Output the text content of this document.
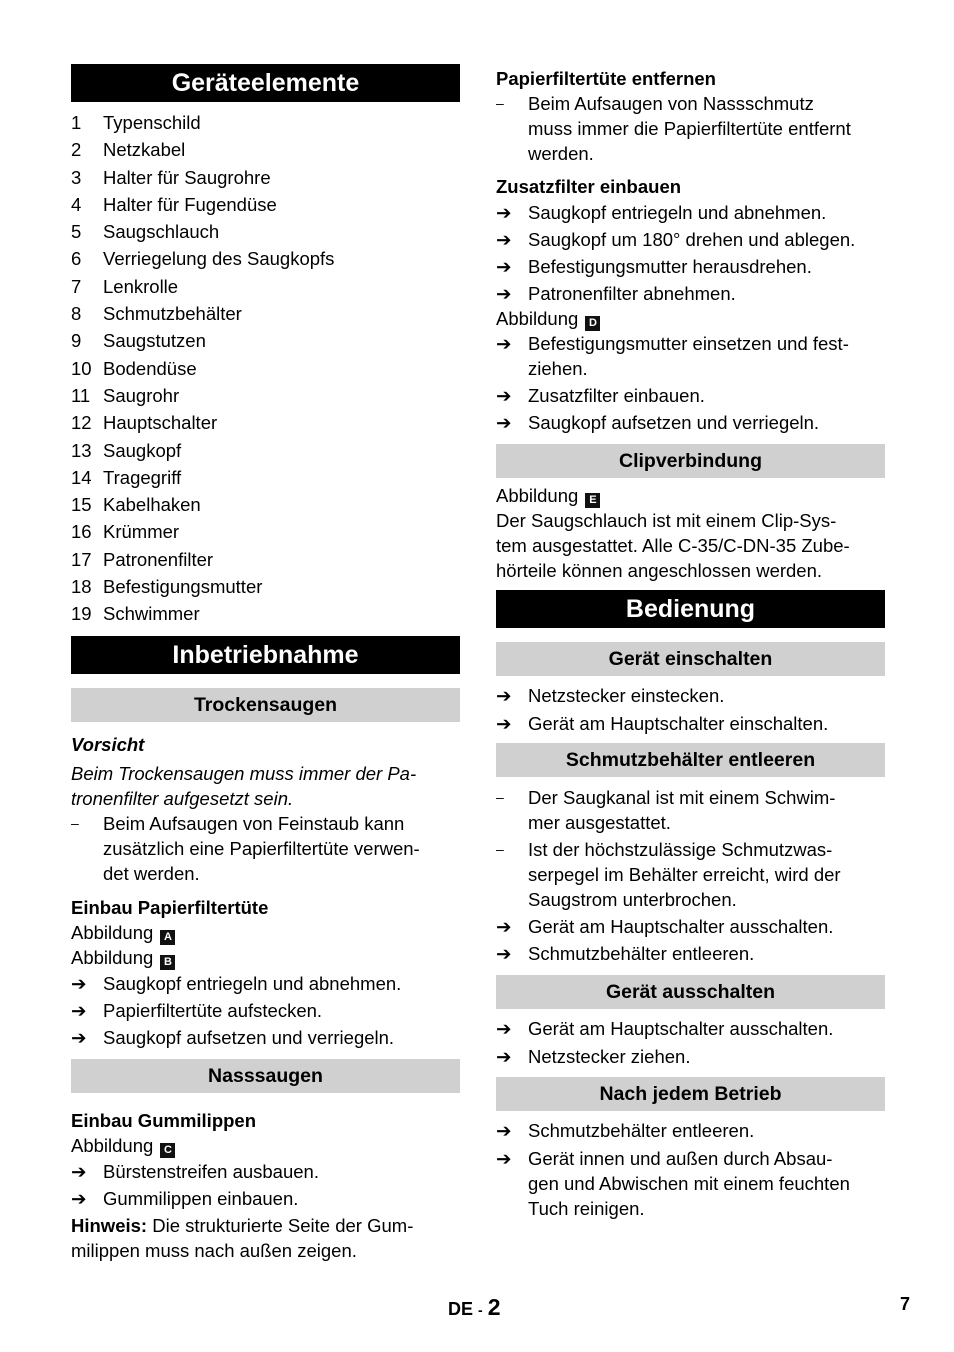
Geräteelemente
1	Typenschild
2	Netzkabel
3	Halter für Saugrohre
4	Halter für Fugendüse
5	Saugschlauch
6	Verriegelung des Saugkopfs
7	Lenkrolle
8	Schmutzbehälter
9	Saugstutzen
10 Bodendüse
11 Saugrohr
12 Hauptschalter
13 Saugkopf
14 Tragegriff
15 Kabelhaken
16 Krümmer
17 Patronenfilter
18 Befestigungsmutter
19 Schwimmer
Inbetriebnahme
Trockensaugen
Vorsicht
Beim Trockensaugen muss immer der Pa-
tronenfilter aufgesetzt sein.
–	Beim Aufsaugen von Feinstaub kann
zusätzlich eine Papierfiltertüte verwen-
det werden.
Einbau Papierfiltertüte
Abbildung A
Abbildung B
➔ Saugkopf entriegeln und abnehmen.
➔ Papierfiltertüte aufstecken.
➔ Saugkopf aufsetzen und verriegeln.
Nasssaugen
Einbau Gummilippen
Abbildung C
➔ Bürstenstreifen ausbauen.
➔ Gummilippen einbauen.
Hinweis: Die strukturierte Seite der Gum-
milippen muss nach außen zeigen.
Papierfiltertüte entfernen
–	Beim Aufsaugen von Nassschmutz
muss immer die Papierfiltertüte entfernt
werden.
Zusatzfilter einbauen
➔ Saugkopf entriegeln und abnehmen.
➔ Saugkopf um 180° drehen und ablegen.
➔ Befestigungsmutter herausdrehen.
➔ Patronenfilter abnehmen.
Abbildung D
➔ Befestigungsmutter einsetzen und fest-
ziehen.
➔ Zusatzfilter einbauen.
➔ Saugkopf aufsetzen und verriegeln.
Clipverbindung
Abbildung E
Der Saugschlauch ist mit einem Clip-Sys-
tem ausgestattet. Alle C-35/C-DN-35 Zube-
hörteile können angeschlossen werden.
Bedienung
Gerät einschalten
➔ Netzstecker einstecken.
➔ Gerät am Hauptschalter einschalten.
Schmutzbehälter entleeren
–	Der Saugkanal ist mit einem Schwim-
mer ausgestattet.
–	Ist der höchstzulässige Schmutzwas-
serpegel im Behälter erreicht, wird der
Saugstrom unterbrochen.
➔ Gerät am Hauptschalter ausschalten.
➔ Schmutzbehälter entleeren.
Gerät ausschalten
➔ Gerät am Hauptschalter ausschalten.
➔ Netzstecker ziehen.
Nach jedem Betrieb
➔ Schmutzbehälter entleeren.
➔ Gerät innen und außen durch Absau-
gen und Abwischen mit einem feuchten
Tuch reinigen.
DE - 2	7
